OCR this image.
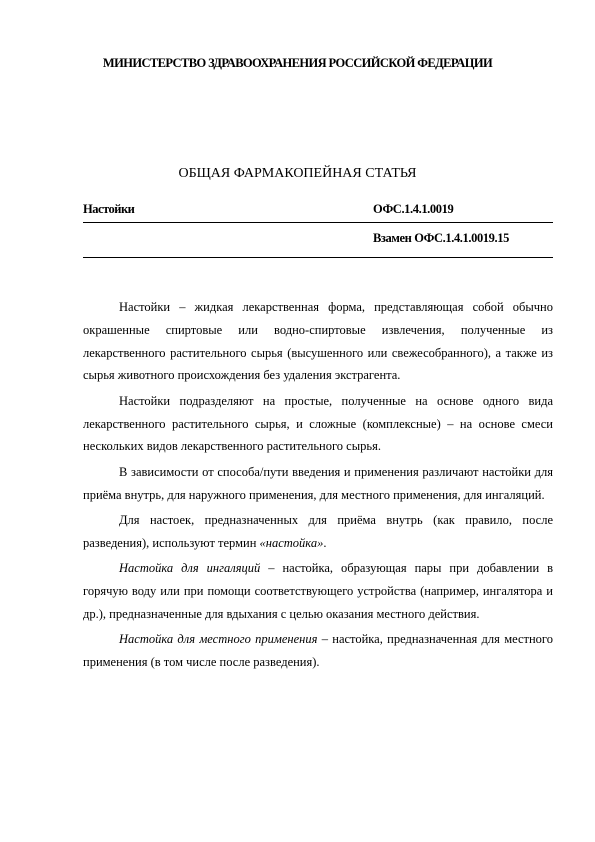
МИНИСТЕРСТВО ЗДРАВООХРАНЕНИЯ РОССИЙСКОЙ ФЕДЕРАЦИИ
ОБЩАЯ ФАРМАКОПЕЙНАЯ СТАТЬЯ
Настойки	ОФС.1.4.1.0019
Взамен ОФС.1.4.1.0019.15

Настойки – жидкая лекарственная форма, представляющая собой обычно окрашенные спиртовые или водно-спиртовые извлечения, полученные из лекарственного растительного сырья (высушенного или свежесобранного), а также из сырья животного происхождения без удаления экстрагента.

Настойки подразделяют на простые, полученные на основе одного вида лекарственного растительного сырья, и сложные (комплексные) – на основе смеси нескольких видов лекарственного растительного сырья.

В зависимости от способа/пути введения и применения различают настойки для приёма внутрь, для наружного применения, для местного применения, для ингаляций.

Для настоек, предназначенных для приёма внутрь (как правило, после разведения), используют термин «настойка».

Настойка для ингаляций – настойка, образующая пары при добавлении в горячую воду или при помощи соответствующего устройства (например, ингалятора и др.), предназначенные для вдыхания с целью оказания местного действия.

Настойка для местного применения – настойка, предназначенная для местного применения (в том числе после разведения).
